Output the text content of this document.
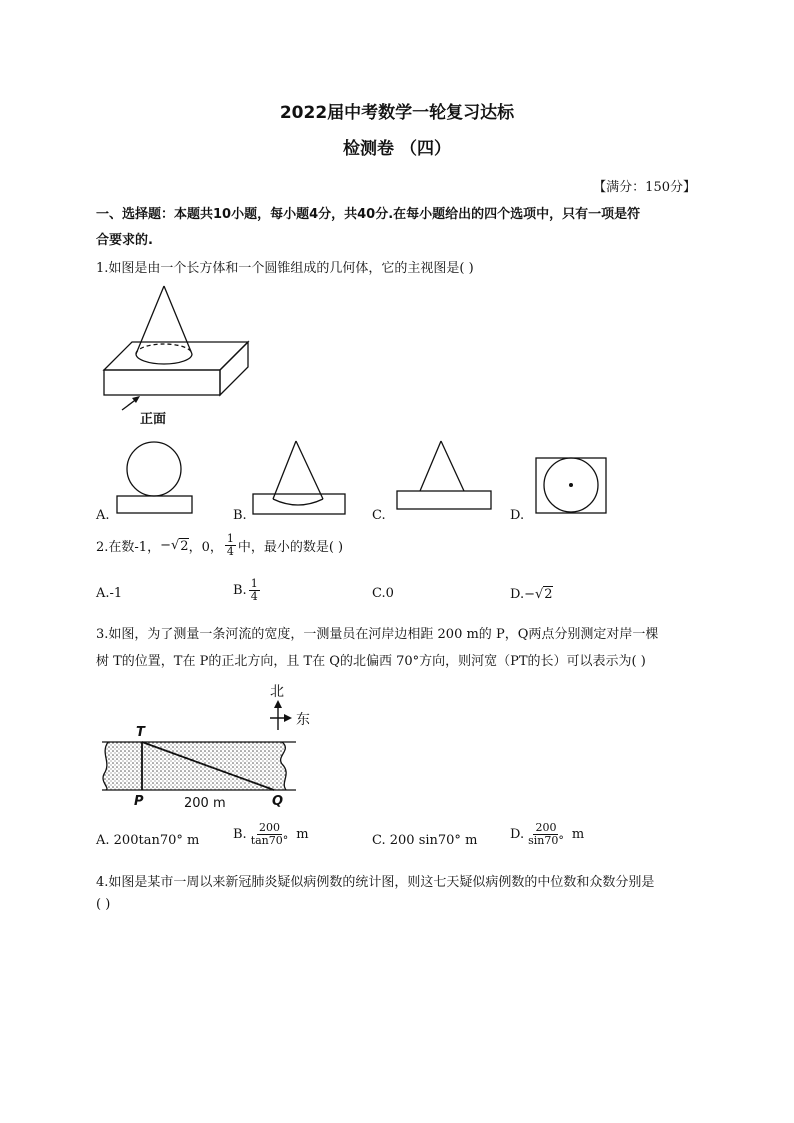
2022届中考数学一轮复习达标
检测卷 （四）
【满分：150分】
一、选择题：本题共10小题，每小题4分，共40分.在每小题给出的四个选项中，只有一项是符
合要求的.
1.如图是由一个长方体和一个圆锥组成的几何体，它的主视图是( )
正面
A.	B.	C.	D.
2.在数-1， − √ 2 ，0， $\frac{1}{4}$ 中，最小的数是( )
A.-1	B. $\frac{1}{4}$	C.0	D. − √ 2
3.如图，为了测量一条河流的宽度，一测量员在河岸边相距 200 m的 P，Q两点分别测定对岸一棵
树 T的位置，T在 P的正北方向，且 T在 Q的北偏西 70°方向，则河宽（PT的长）可以表示为( )
北
东
T
P	Q
200 m
A. 200tan70° m	B. $\frac{200}{\tan 70^\circ}$ m	C. 200 sin70° m	D. $\frac{200}{\sin 70^\circ}$ m
4.如图是某市一周以来新冠肺炎疑似病例数的统计图，则这七天疑似病例数的中位数和众数分别是
( )
